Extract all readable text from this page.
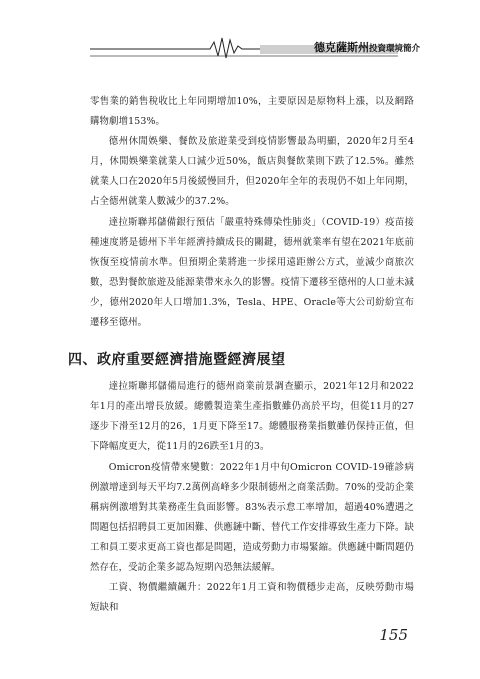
德克薩斯州投資環境簡介

零售業的銷售稅收比上年同期增加10%，主要原因是原物料上漲，以及網路購物劇增153%。

德州休閒娛樂、餐飲及旅遊業受到疫情影響最為明顯，2020年2月至4月，休閒娛樂業就業人口減少近50%，飯店與餐飲業則下跌了12.5%。雖然就業人口在2020年5月後緩慢回升，但2020年全年的表現仍不如上年同期，占全德州就業人數減少的37.2%。

達拉斯聯邦儲備銀行預估「嚴重特殊傳染性肺炎」（COVID-19）疫苗接種速度將是德州下半年經濟持續成長的關鍵，德州就業率有望在2021年底前恢復至疫情前水準。但預期企業將進一步採用遠距辦公方式，並減少商旅次數，恐對餐飲旅遊及能源業帶來永久的影響。疫情下遷移至德州的人口並未減少，德州2020年人口增加1.3%，Tesla、HPE、Oracle等大公司紛紛宣布遷移至德州。

四、政府重要經濟措施暨經濟展望

達拉斯聯邦儲備局進行的德州商業前景調查顯示，2021年12月和2022年1月的產出增長放緩。總體製造業生產指數雖仍高於平均，但從11月的27逐步下滑至12月的26，1月更下降至17。總體服務業指數雖仍保持正值，但下降幅度更大，從11月的26跌至1月的3。

Omicron疫情帶來變數：2022年1月中旬Omicron COVID-19確診病例激增達到每天平均7.2萬例高峰多少限制德州之商業活動。70%的受訪企業稱病例激增對其業務產生負面影響。83%表示怠工率增加，超過40%遭遇之問題包括招聘員工更加困難、供應鏈中斷、替代工作安排導致生產力下降。缺工和員工要求更高工資也都是問題，造成勞動力市場緊縮。供應鏈中斷問題仍然存在，受訪企業多認為短期內恐無法緩解。

工資、物價繼續飆升：2022年1月工資和物價穩步走高，反映勞動市場短缺和

155
